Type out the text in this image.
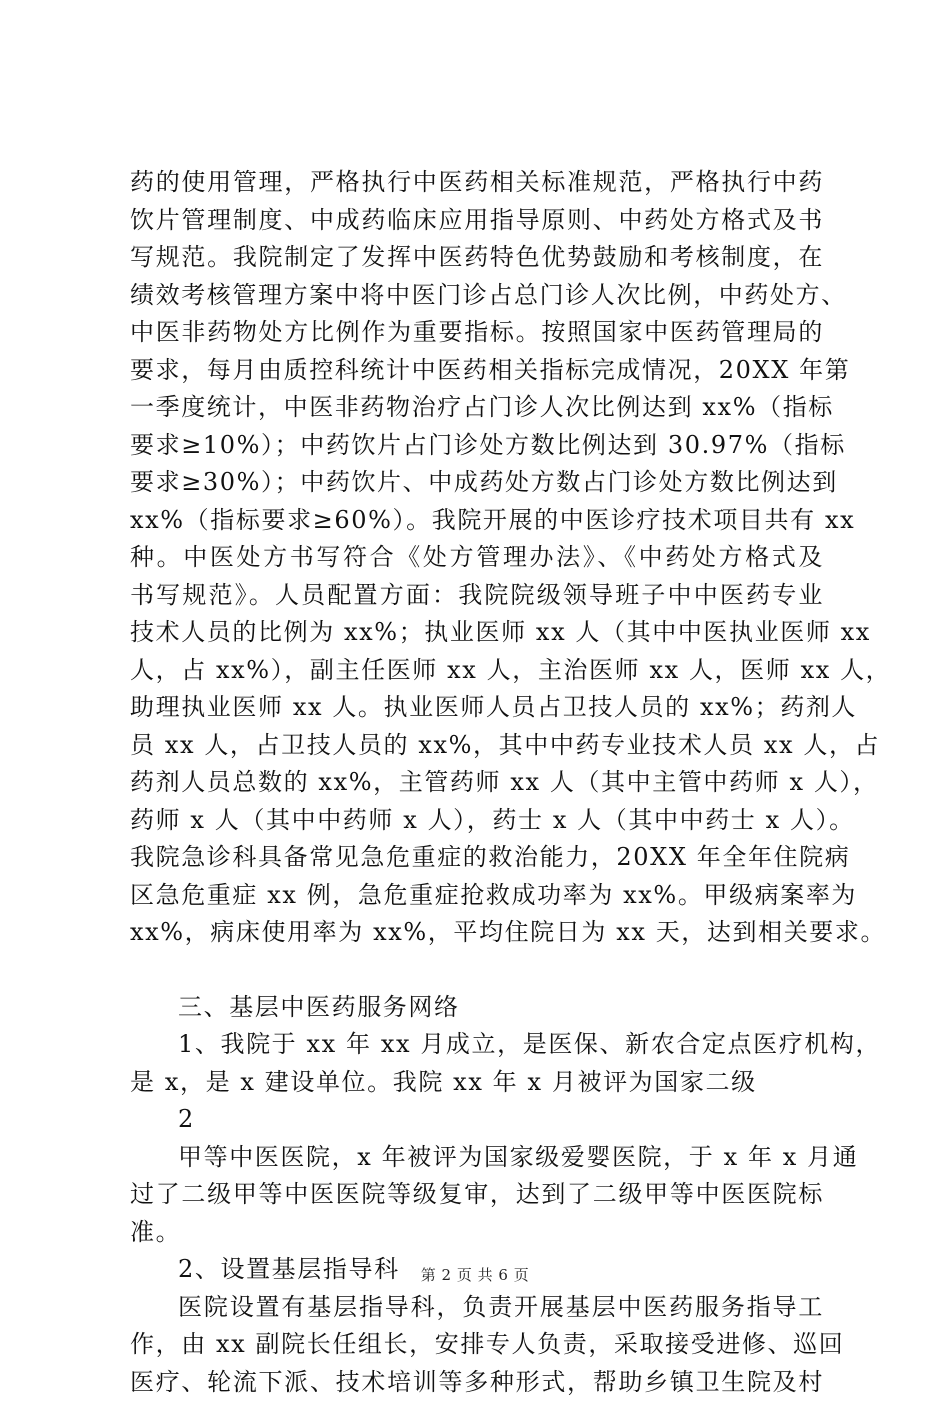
药的使用管理，严格执行中医药相关标准规范，严格执行中药
饮片管理制度、中成药临床应用指导原则、中药处方格式及书
写规范。我院制定了发挥中医药特色优势鼓励和考核制度，在
绩效考核管理方案中将中医门诊占总门诊人次比例，中药处方、
中医非药物处方比例作为重要指标。按照国家中医药管理局的
要求，每月由质控科统计中医药相关指标完成情况，20XX 年第
一季度统计，中医非药物治疗占门诊人次比例达到 xx%（指标
要求≥10%）；中药饮片占门诊处方数比例达到 30.97%（指标
要求≥30%）；中药饮片、中成药处方数占门诊处方数比例达到
xx%（指标要求≥60%）。我院开展的中医诊疗技术项目共有 xx
种。中医处方书写符合《处方管理办法》、《中药处方格式及
书写规范》。人员配置方面：我院院级领导班子中中医药专业
技术人员的比例为 xx%；执业医师 xx 人（其中中医执业医师 xx
人，占 xx%），副主任医师 xx 人，主治医师 xx 人，医师 xx 人，
助理执业医师 xx 人。执业医师人员占卫技人员的 xx%；药剂人
员 xx 人，占卫技人员的 xx%，其中中药专业技术人员 xx 人，占
药剂人员总数的 xx%，主管药师 xx 人（其中主管中药师 x 人），
药师 x 人（其中中药师 x 人），药士 x 人（其中中药士 x 人）。
我院急诊科具备常见急危重症的救治能力，20XX 年全年住院病
区急危重症 xx 例，急危重症抢救成功率为 xx%。甲级病案率为
xx%，病床使用率为 xx%，平均住院日为 xx 天，达到相关要求。
三、基层中医药服务网络
1、我院于 xx 年 xx 月成立，是医保、新农合定点医疗机构，
是 x，是 x 建设单位。我院 xx 年 x 月被评为国家二级
2
甲等中医医院，x 年被评为国家级爱婴医院，于 x 年 x 月通
过了二级甲等中医医院等级复审，达到了二级甲等中医医院标
准。
2、设置基层指导科
医院设置有基层指导科，负责开展基层中医药服务指导工
作，由 xx 副院长任组长，安排专人负责，采取接受进修、巡回
医疗、轮流下派、技术培训等多种形式，帮助乡镇卫生院及村
第 2 页 共 6 页
